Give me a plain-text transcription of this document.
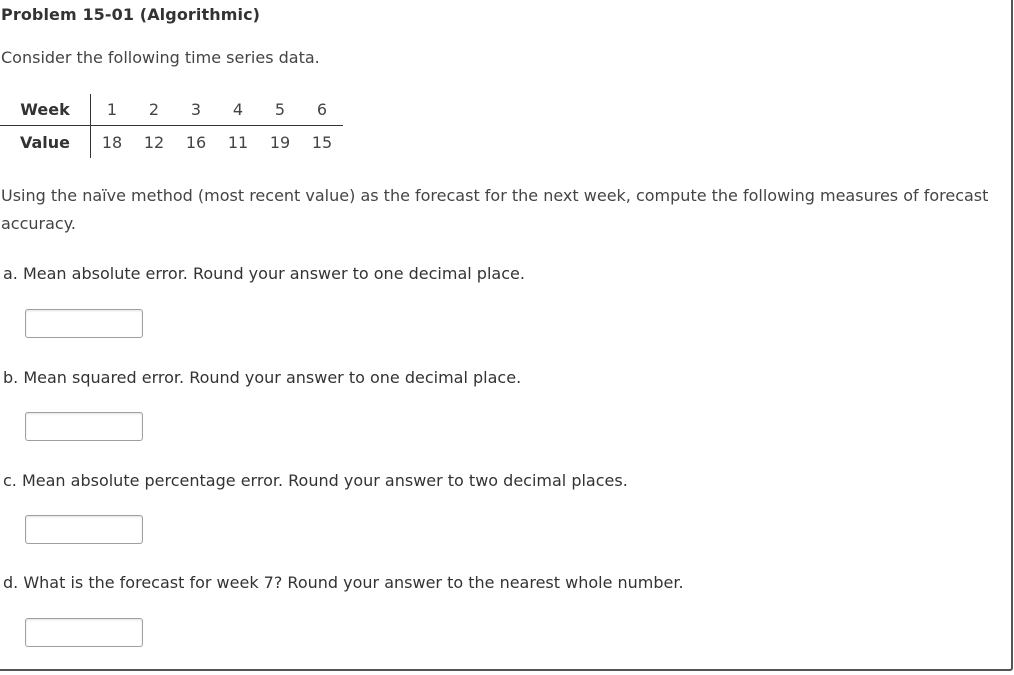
Problem 15-01 (Algorithmic)
Consider the following time series data.
Week	1	2	3	4	5	6
Value	18	12	16	11	19	15
Using the naïve method (most recent value) as the forecast for the next week, compute the following measures of forecast accuracy.
a. Mean absolute error. Round your answer to one decimal place.
b. Mean squared error. Round your answer to one decimal place.
c. Mean absolute percentage error. Round your answer to two decimal places.
d. What is the forecast for week 7? Round your answer to the nearest whole number.
